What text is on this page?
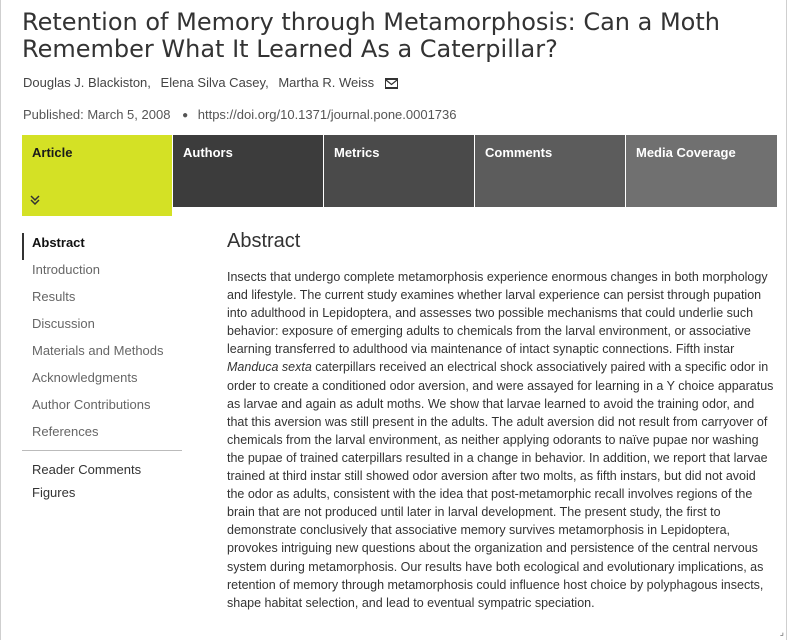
Retention of Memory through Metamorphosis: Can a Moth Remember What It Learned As a Caterpillar?
Douglas J. Blackiston, Elena Silva Casey, Martha R. Weiss
Published: March 5, 2008 ● https://doi.org/10.1371/journal.pone.0001736
Article	Authors	Metrics	Comments	Media Coverage
Abstract
Introduction
Results
Discussion
Materials and Methods
Acknowledgments
Author Contributions
References
Reader Comments
Figures
Abstract

Insects that undergo complete metamorphosis experience enormous changes in both morphology and lifestyle. The current study examines whether larval experience can persist through pupation into adulthood in Lepidoptera, and assesses two possible mechanisms that could underlie such behavior: exposure of emerging adults to chemicals from the larval environment, or associative learning transferred to adulthood via maintenance of intact synaptic connections. Fifth instar Manduca sexta caterpillars received an electrical shock associatively paired with a specific odor in order to create a conditioned odor aversion, and were assayed for learning in a Y choice apparatus as larvae and again as adult moths. We show that larvae learned to avoid the training odor, and that this aversion was still present in the adults. The adult aversion did not result from carryover of chemicals from the larval environment, as neither applying odorants to naïve pupae nor washing the pupae of trained caterpillars resulted in a change in behavior. In addition, we report that larvae trained at third instar still showed odor aversion after two molts, as fifth instars, but did not avoid the odor as adults, consistent with the idea that post-metamorphic recall involves regions of the brain that are not produced until later in larval development. The present study, the first to demonstrate conclusively that associative memory survives metamorphosis in Lepidoptera, provokes intriguing new questions about the organization and persistence of the central nervous system during metamorphosis. Our results have both ecological and evolutionary implications, as retention of memory through metamorphosis could influence host choice by polyphagous insects, shape habitat selection, and lead to eventual sympatric speciation.

⌟
